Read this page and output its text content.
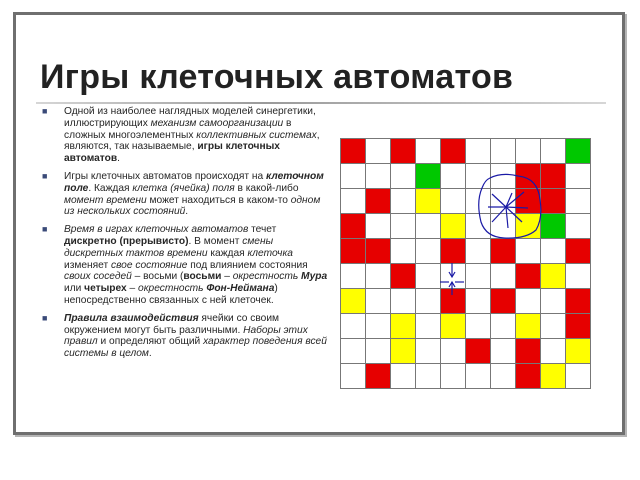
Игры клеточных автоматов
■ Одной из наиболее наглядных моделей синергетики, иллюстрирующих механизм самоорганизации в сложных многоэлементных коллективных системах, являются, так называемые, игры клеточных автоматов.
■ Игры клеточных автоматов происходят на клеточном поле. Каждая клетка (ячейка) поля в какой-либо момент времени может находиться в каком-то одном из нескольких состояний.
■ Время в играх клеточных автоматов течет дискретно (прерывисто). В момент смены дискретных тактов времени каждая клеточка изменяет свое состояние под влиянием состояния своих соседей – восьми (восьми – окрестность Мура или четырех – окрестность Фон-Неймана) непосредственно связанных с ней клеточек.
■ Правила взаимодействия ячейки со своим окружением могут быть различными. Наборы этих правил и определяют общий характер поведения всей системы в целом.
